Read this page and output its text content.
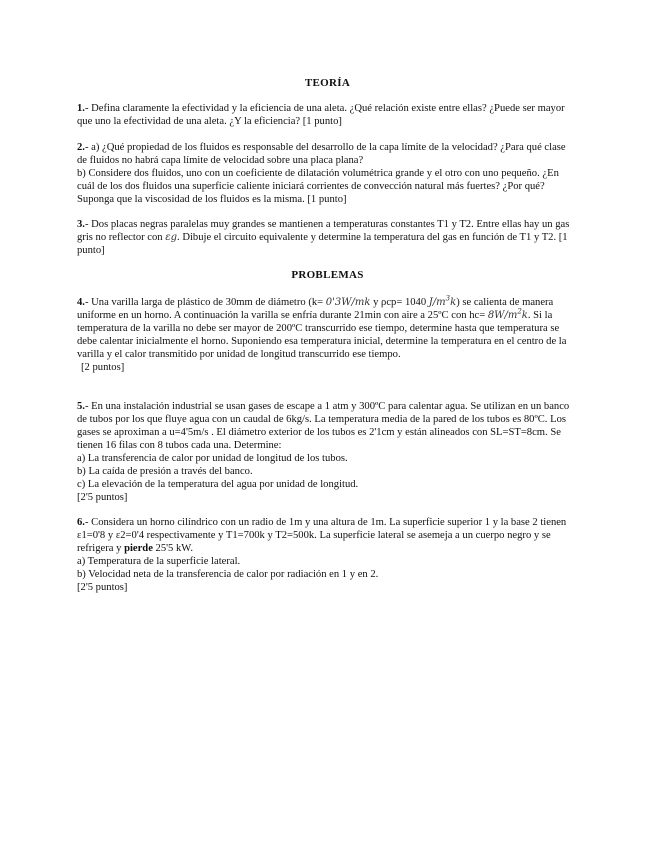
TEORÍA

1.- Defina claramente la efectividad y la eficiencia de una aleta. ¿Qué relación existe entre ellas? ¿Puede ser mayor que uno la efectividad de una aleta. ¿Y la eficiencia? [1 punto]

2.- a) ¿Qué propiedad de los fluidos es responsable del desarrollo de la capa límite de la velocidad? ¿Para qué clase de fluidos no habrá capa límite de velocidad sobre una placa plana?

b) Considere dos fluidos, uno con un coeficiente de dilatación volumétrica grande y el otro con uno pequeño. ¿En cuál de los dos fluidos una superficie caliente iniciará corrientes de convección natural más fuertes? ¿Por qué? Suponga que la viscosidad de los fluidos es la misma. [1 punto]

3.- Dos placas negras paralelas muy grandes se mantienen a temperaturas constantes T1 y T2. Entre ellas hay un gas gris no reflector con εg. Dibuje el circuito equivalente y determine la temperatura del gas en función de T1 y T2. [1 punto]

PROBLEMAS

4.- Una varilla larga de plástico de 30mm de diámetro (k= 0'3W/mk y ρcp= 1040 $J/m^3k$) se calienta de manera uniforme en un horno. A continuación la varilla se enfría durante 21min con aire a 25ºC con $hc= 8W/m^2k$. Si la temperatura de la varilla no debe ser mayor de 200ºC transcurrido ese tiempo, determine hasta que temperatura se debe calentar inicialmente el horno. Suponiendo esa temperatura inicial, determine la temperatura en el centro de la varilla y el calor transmitido por unidad de longitud transcurrido ese tiempo.

[2 puntos]

5.- En una instalación industrial se usan gases de escape a 1 atm y 300ºC para calentar agua. Se utilizan en un banco de tubos por los que fluye agua con un caudal de 6kg/s. La temperatura media de la pared de los tubos es 80ºC. Los gases se aproximan a u=4'5m/s . El diámetro exterior de los tubos es 2'1cm y están alineados con SL=ST=8cm. Se tienen 16 filas con 8 tubos cada una. Determine:

a) La transferencia de calor por unidad de longitud de los tubos.

b) La caída de presión a través del banco.

c) La elevación de la temperatura del agua por unidad de longitud.

[2'5 puntos]

6.- Considera un horno cilíndrico con un radio de 1m y una altura de 1m. La superficie superior 1 y la base 2 tienen ε1=0'8 y ε2=0'4 respectivamente y T1=700k y T2=500k. La superficie lateral se asemeja a un cuerpo negro y se refrigera y pierde 25'5 kW.

a) Temperatura de la superficie lateral.

b) Velocidad neta de la transferencia de calor por radiación en 1 y en 2.

[2'5 puntos]
